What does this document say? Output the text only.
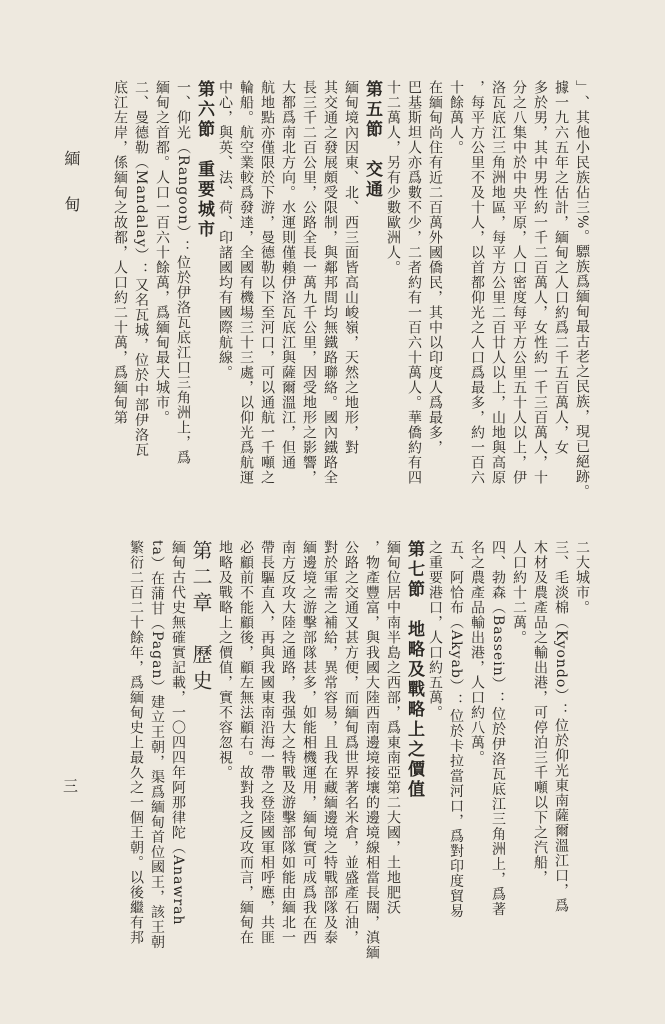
緬甸
三
﹂、其他小民族佔三%。驃族爲緬甸最古老之民族，現已絕跡。
據一九六五年之估計，緬甸之人口約爲二千五百萬人，女
多於男，其中男性約一千二百萬人，女性約一千三百萬人，十
分之八集中於中央平原，人口密度每平方公里五十人以上，伊
洛瓦底江三角洲地區，每平方公里二百廿人以上，山地與高原
，每平方公里不及十人，以首都仰光之人口爲最多，約一百六
十餘萬人。
在緬甸尚住有近二百萬外國僑民，其中以印度人爲最多，
巴基斯坦人亦爲數不少，二者約有一百六十萬人。華僑約有四
十二萬人，另有少數歐洲人。
第五節　交通
緬甸境內因東、北、西三面皆高山峻嶺，天然之地形，對
其交通之發展頗受限制，與鄰邦間均無鐵路聯絡。國內鐵路全
長三千二百公里，公路全長一萬九千公里，因受地形之影響，
大都爲南北方向。水運則僅賴伊洛瓦底江與薩爾溫江，但通
航地點亦僅限於下游，曼德勒以下至河口，可以通航一千噸之
輪船。航空業較爲發達，全國有機場三十三處，以仰光爲航運
中心，與英、法、荷、印諸國均有國際航線。
第六節　重要城市
一、仰光（Rangoon）：位於伊洛瓦底江口三角洲上，爲
緬甸之首都。人口一百六十餘萬，爲緬甸最大城市。
二、曼德勒（Mandalay）：又名瓦城，位於中部伊洛瓦
底江左岸，係緬甸之故都，人口約二十萬，爲緬甸第
二大城市。
三、毛淡棉（Kyondo）：位於仰光東南薩爾溫江口，爲
木材及農產品之輸出港，可停泊三千噸以下之汽船，
人口約十二萬。
四、勃森（Bassein）：位於伊洛瓦底江三角洲上，爲著
名之農產品輸出港，人口約八萬。
五、阿恰布（Akyab）：位於卡拉當河口，爲對印度貿易
之重要港口，人口約五萬。
第七節　地略及戰略上之價值
緬甸位居中南半島之西部，爲東南亞第二大國，土地肥沃
，物產豐富，與我國大陸西南邊境接壤的邊境線相當長闊，滇緬
公路之交通又甚方便，而緬甸爲世界著名米倉，並盛產石油，
對於軍需之補給，異常容易，且我在藏緬邊境之特戰部隊及泰
緬邊境之游擊部隊甚多，如能相機運用，緬甸實可成爲我在西
南方反攻大陸之通路，我强大之特戰及游擊部隊如能由緬北一
帶長驅直入，再與我國東南沿海一帶之登陸國軍相呼應，共匪
必顧前不能顧後，顧左無法顧右。故對我之反攻而言，緬甸在
地略及戰略上之價值，實不容忽視。
第二章　歷史
緬甸古代史無確實記載，一〇四四年阿那律陀（Anawrah
ta）在蒲甘（Pagan）建立王朝，渠爲緬甸首位國王，該王朝
繁衍二百二十餘年，爲緬甸史上最久之一個王朝。以後繼有邦
